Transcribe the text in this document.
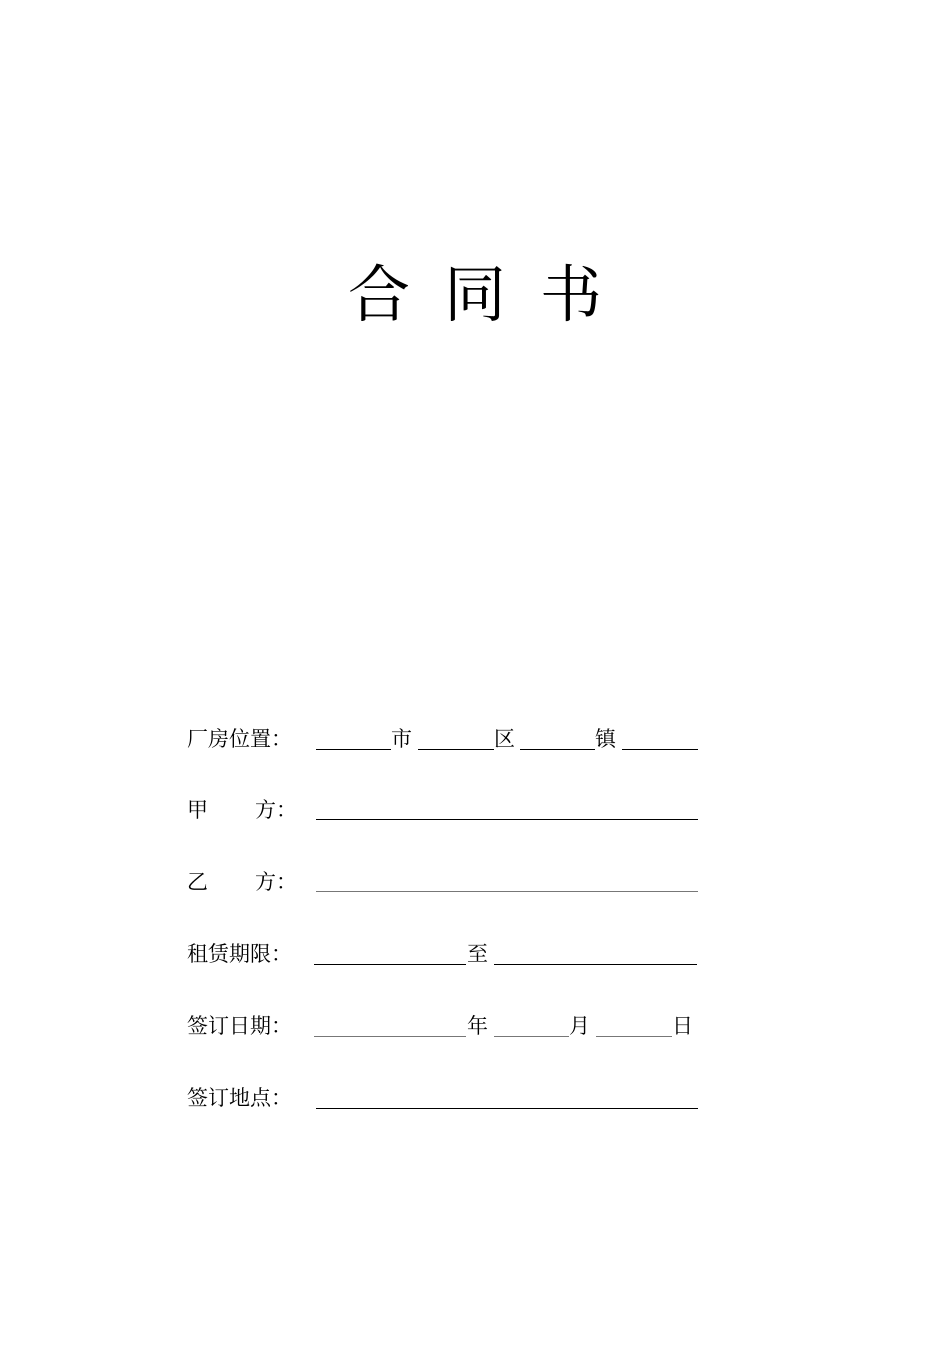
合 同 书
厂房位置：	市	区	镇
甲 方：
乙 方：
租赁期限：	至
签订日期：	年	月	日
签订地点：
